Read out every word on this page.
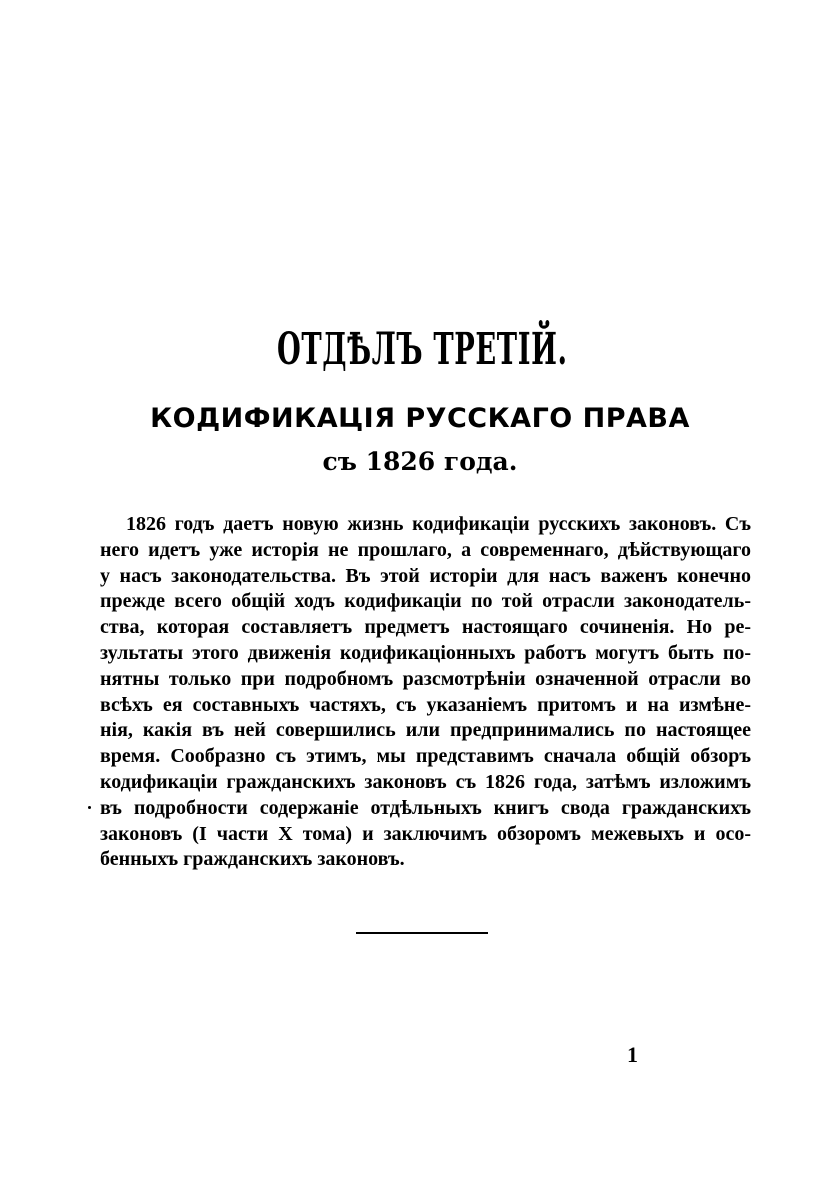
ОТДѢЛЪ ТРЕТІЙ.
КОДИФИКАЦІЯ РУССКАГО ПРАВА
съ 1826 года.
1826 годъ даетъ новую жизнь кодификаціи русскихъ законовъ. Съ
него идетъ уже исторія не прошлаго, а современнаго, дѣйствующаго
у насъ законодательства. Въ этой исторіи для насъ важенъ конечно
прежде всего общій ходъ кодификаціи по той отрасли законодатель-
ства, которая составляетъ предметъ настоящаго сочиненія. Но ре-
зультаты этого движенія кодификаціонныхъ работъ могутъ быть по-
нятны только при подробномъ разсмотрѣніи означенной отрасли во
всѣхъ ея составныхъ частяхъ, съ указаніемъ притомъ и на измѣне-
нія, какія въ ней совершились или предпринимались по настоящее
время. Сообразно съ этимъ, мы представимъ сначала общій обзоръ
кодификаціи гражданскихъ законовъ съ 1826 года, затѣмъ изложимъ
въ подробности содержаніе отдѣльныхъ книгъ свода гражданскихъ
законовъ (I части X тома) и заключимъ обзоромъ межевыхъ и осо-
бенныхъ гражданскихъ законовъ.
1
